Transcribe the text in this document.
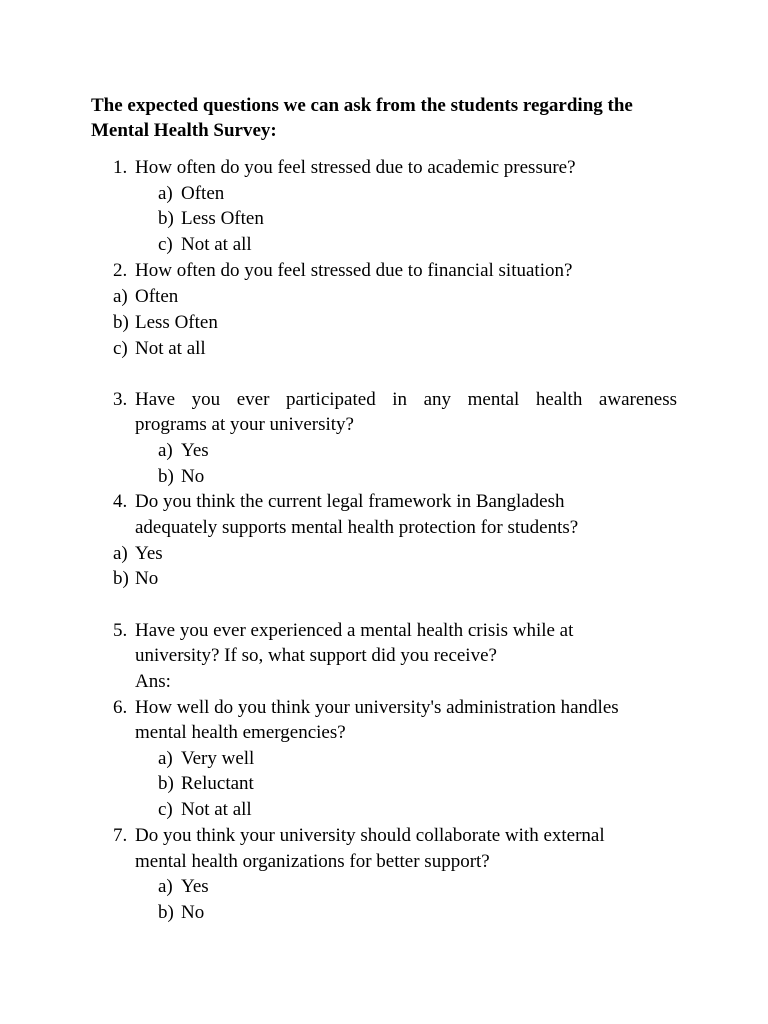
The expected questions we can ask from the students regarding the Mental Health Survey:
1. How often do you feel stressed due to academic pressure?
a) Often
b) Less Often
c) Not at all
2. How often do you feel stressed due to financial situation?
a) Often
b) Less Often
c) Not at all
3. Have you ever participated in any mental health awareness
programs at your university?
a) Yes
b) No
4. Do you think the current legal framework in Bangladesh
adequately supports mental health protection for students?
a) Yes
b) No
5. Have you ever experienced a mental health crisis while at
university? If so, what support did you receive?
Ans:
6. How well do you think your university's administration handles
mental health emergencies?
a) Very well
b) Reluctant
c) Not at all
7. Do you think your university should collaborate with external
mental health organizations for better support?
a) Yes
b) No
